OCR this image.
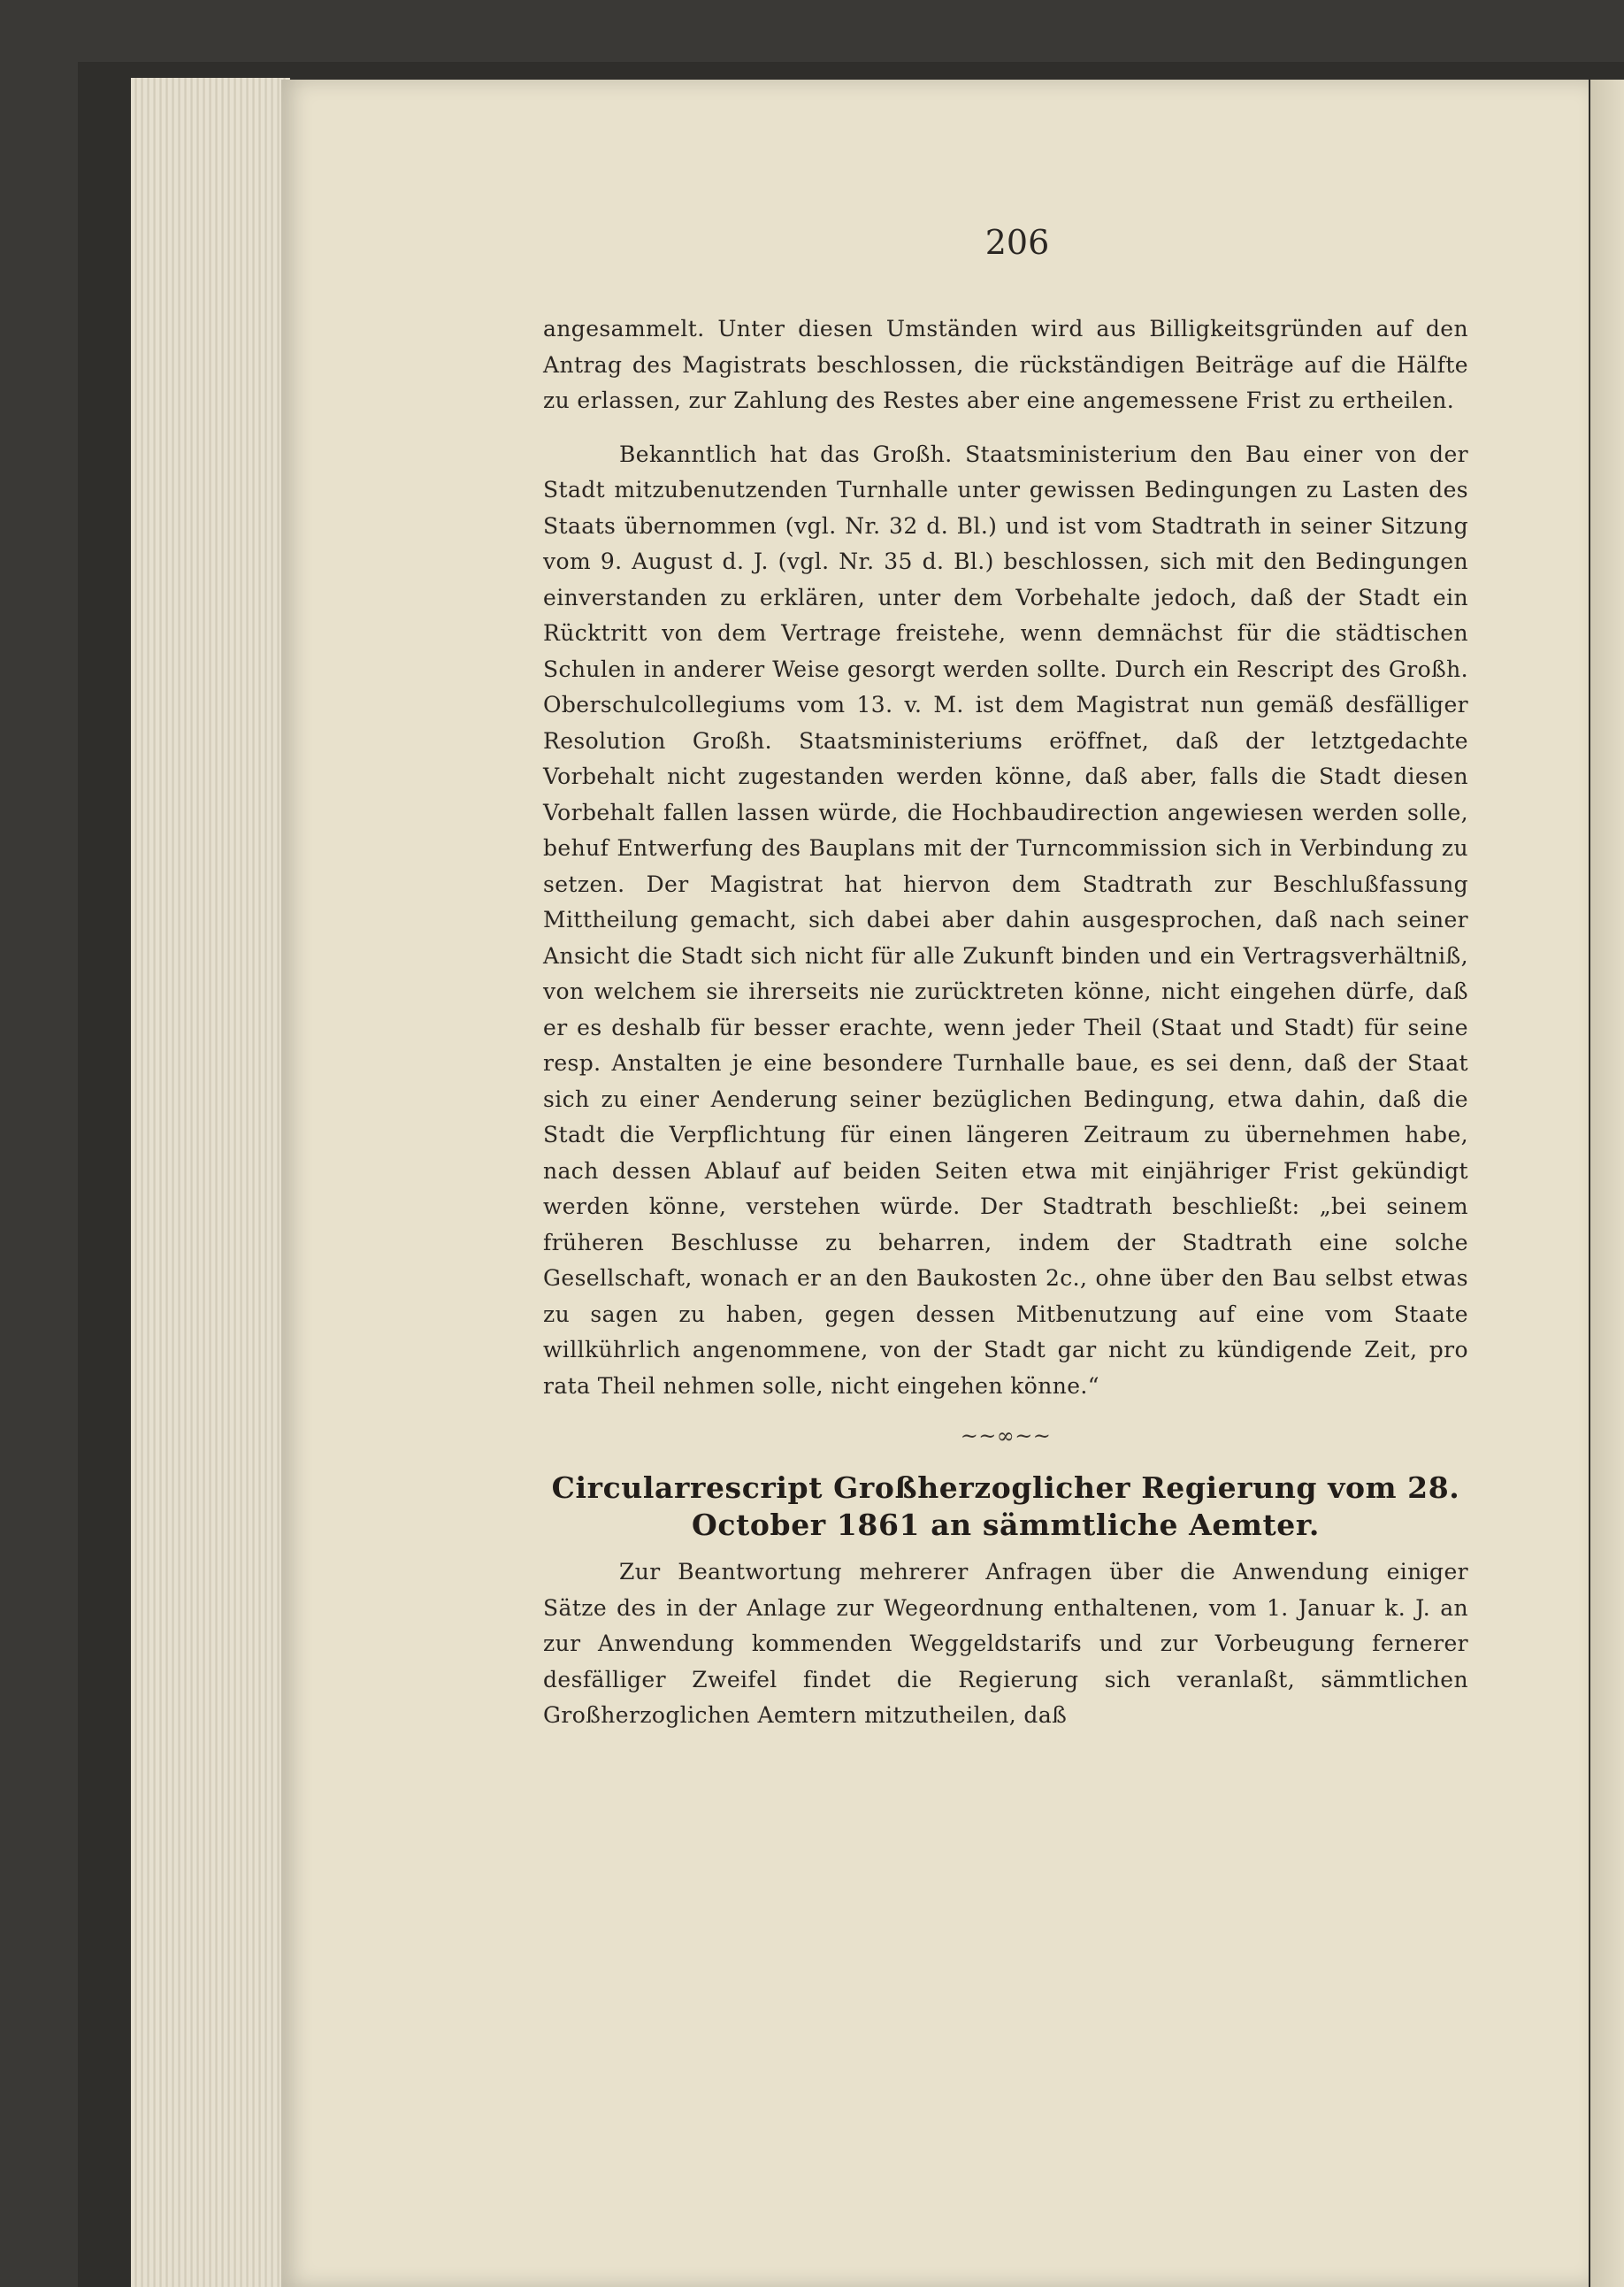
206

angesammelt. Unter diesen Umständen wird aus Billigkeitsgründen auf den Antrag des Magistrats beschlossen, die rückständigen Beiträge auf die Hälfte zu erlassen, zur Zahlung des Restes aber eine angemessene Frist zu ertheilen.

Bekanntlich hat das Großh. Staatsministerium den Bau einer von der Stadt mitzubenutzenden Turnhalle unter gewissen Bedingungen zu Lasten des Staats übernommen (vgl. Nr. 32 d. Bl.) und ist vom Stadtrath in seiner Sitzung vom 9. August d. J. (vgl. Nr. 35 d. Bl.) beschlossen, sich mit den Bedingungen einverstanden zu erklären, unter dem Vorbehalte jedoch, daß der Stadt ein Rücktritt von dem Vertrage freistehe, wenn demnächst für die städtischen Schulen in anderer Weise gesorgt werden sollte. Durch ein Rescript des Großh. Oberschulcollegiums vom 13. v. M. ist dem Magistrat nun gemäß desfälliger Resolution Großh. Staatsministeriums eröffnet, daß der letztgedachte Vorbehalt nicht zugestanden werden könne, daß aber, falls die Stadt diesen Vorbehalt fallen lassen würde, die Hochbaudirection angewiesen werden solle, behuf Entwerfung des Bauplans mit der Turncommission sich in Verbindung zu setzen. Der Magistrat hat hiervon dem Stadtrath zur Beschlußfassung Mittheilung gemacht, sich dabei aber dahin ausgesprochen, daß nach seiner Ansicht die Stadt sich nicht für alle Zukunft binden und ein Vertragsverhältniß, von welchem sie ihrerseits nie zurücktreten könne, nicht eingehen dürfe, daß er es deshalb für besser erachte, wenn jeder Theil (Staat und Stadt) für seine resp. Anstalten je eine besondere Turnhalle baue, es sei denn, daß der Staat sich zu einer Aenderung seiner bezüglichen Bedingung, etwa dahin, daß die Stadt die Verpflichtung für einen längeren Zeitraum zu übernehmen habe, nach dessen Ablauf auf beiden Seiten etwa mit einjähriger Frist gekündigt werden könne, verstehen würde. Der Stadtrath beschließt: „bei seinem früheren Beschlusse zu beharren, indem der Stadtrath eine solche Gesellschaft, wonach er an den Baukosten 2c., ohne über den Bau selbst etwas zu sagen zu haben, gegen dessen Mitbenutzung auf eine vom Staate willkührlich angenommene, von der Stadt gar nicht zu kündigende Zeit, pro rata Theil nehmen solle, nicht eingehen könne.“

~~∞~~
Circularrescript Großherzoglicher Regierung vom 28. October 1861 an sämmtliche Aemter.

Zur Beantwortung mehrerer Anfragen über die Anwendung einiger Sätze des in der Anlage zur Wegeordnung enthaltenen, vom 1. Januar k. J. an zur Anwendung kommenden Weggeldstarifs und zur Vorbeugung fernerer desfälliger Zweifel findet die Regierung sich veranlaßt, sämmtlichen Großherzoglichen Aemtern mitzutheilen, daß
